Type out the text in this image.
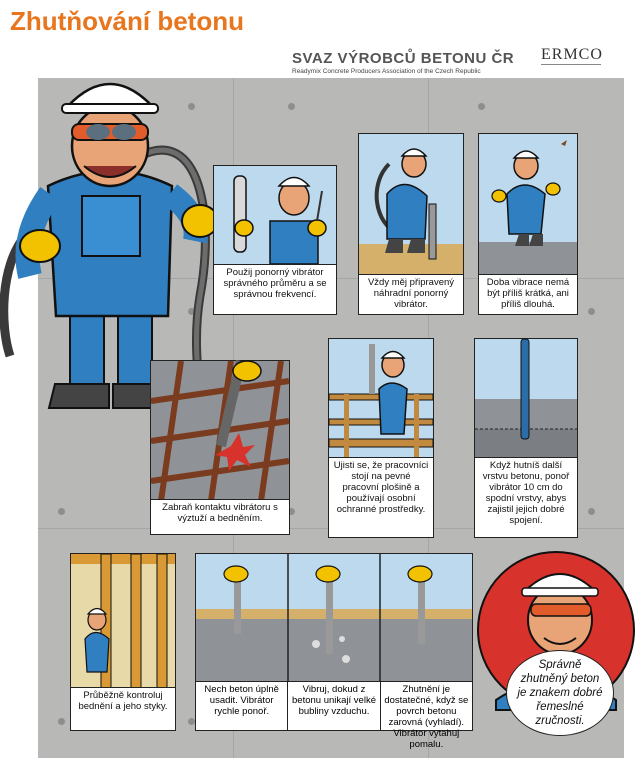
Zhutňování betonu
SVAZ VÝROBCŮ BETONU ČR
Readymix Concrete Producers Association of the Czech Republic
ERMCO
Použij ponorný vibrátor správného průměru a se správnou frekvencí.
Vždy měj připravený náhradní ponorný vibrátor.
Doba vibrace nemá být příliš krátká, ani příliš dlouhá.
Zabraň kontaktu vibrátoru s výztuží a bedněním.
Ujisti se, že pracovníci stojí na pevné pracovní plošině a používají osobní ochranné prostředky.
Když hutníš další vrstvu betonu, ponoř vibrátor 10 cm do spodní vrstvy, abys zajistil jejich dobré spojení.
Průběžně kontroluj bednění a jeho styky.
Nech beton úplně usadit. Vibrátor rychle ponoř.
Vibruj, dokud z betonu unikají velké bubliny vzduchu.
Zhutnění je dostatečné, když se povrch betonu zarovná (vyhladí). Vibrátor vytahuj pomalu.
Správně zhutněný beton je znakem dobré řemeslné zručnosti.
